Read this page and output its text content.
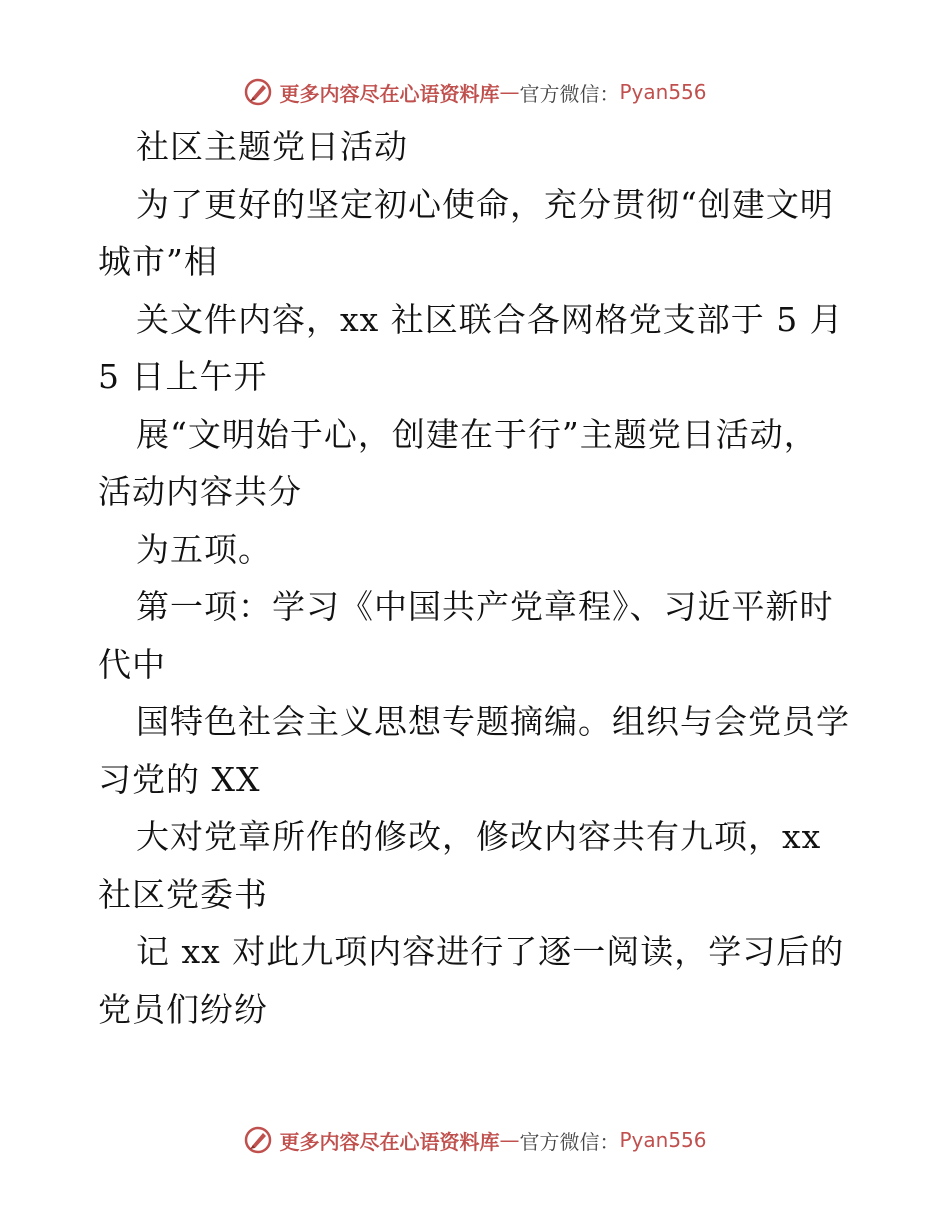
更多内容尽在心语资料库 — 官方微信： Pyan556
社区主题党日活动
为了更好的坚定初心使命，充分贯彻“创建文明
城市”相
关文件内容，xx 社区联合各网格党支部于 5 月
5 日上午开
展“文明始于心，创建在于行”主题党日活动，
活动内容共分
为五项。
第一项：学习《中国共产党章程》、习近平新时
代中
国特色社会主义思想专题摘编。组织与会党员学
习党的 XX
大对党章所作的修改，修改内容共有九项，xx
社区党委书
记 xx 对此九项内容进行了逐一阅读，学习后的
党员们纷纷
更多内容尽在心语资料库 — 官方微信： Pyan556
